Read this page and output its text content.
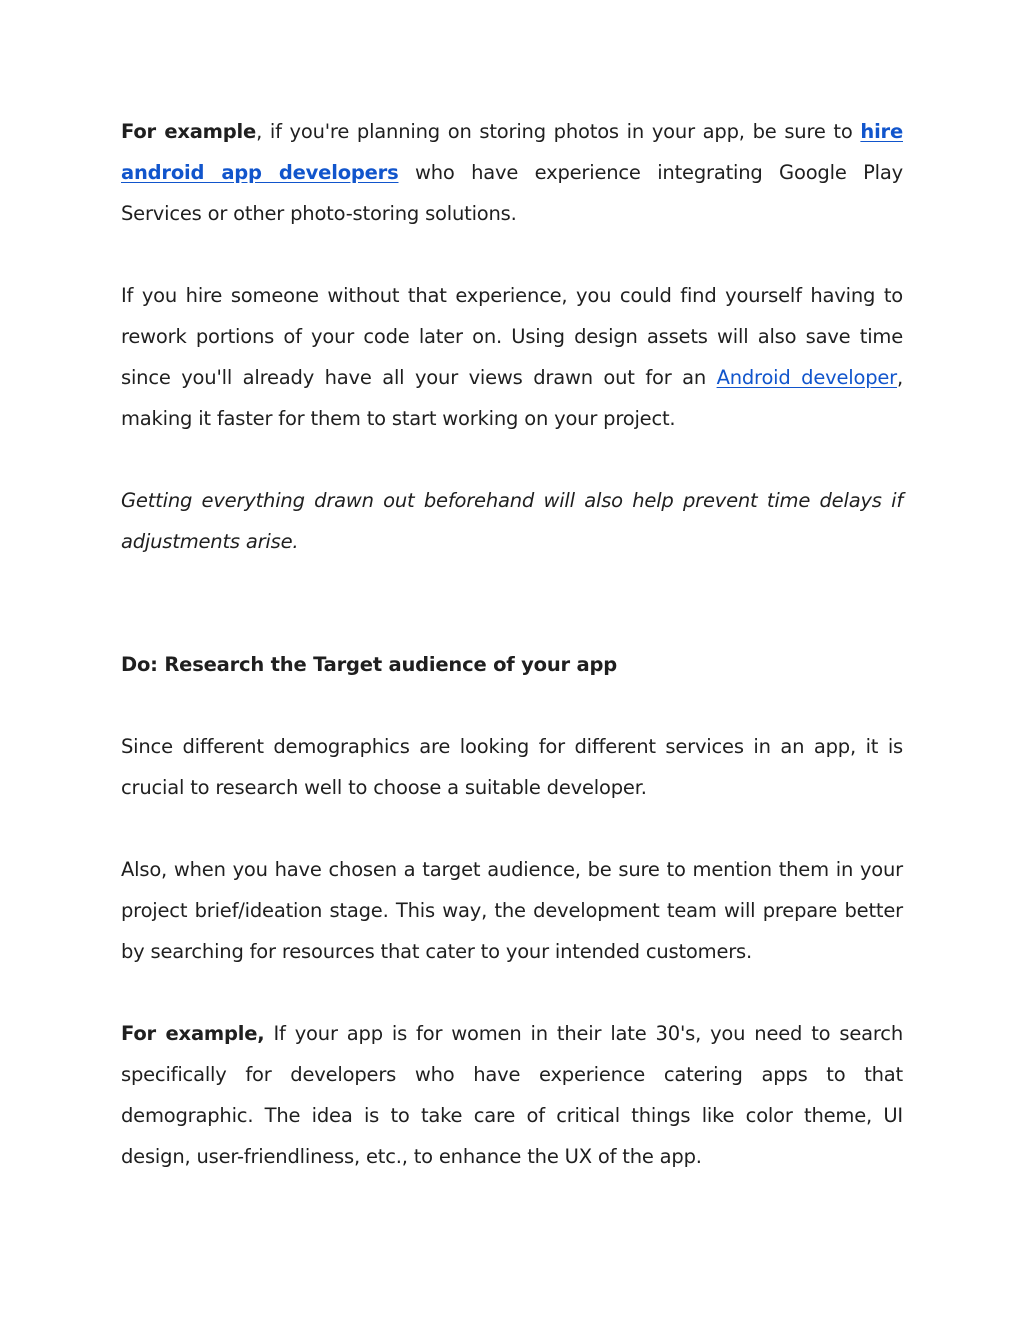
For example, if you're planning on storing photos in your app, be sure to hire android app developers who have experience integrating Google Play Services or other photo-storing solutions.

If you hire someone without that experience, you could find yourself having to rework portions of your code later on. Using design assets will also save time since you'll already have all your views drawn out for an Android developer, making it faster for them to start working on your project.

Getting everything drawn out beforehand will also help prevent time delays if adjustments arise.

Do: Research the Target audience of your app

Since different demographics are looking for different services in an app, it is crucial to research well to choose a suitable developer.

Also, when you have chosen a target audience, be sure to mention them in your project brief/ideation stage. This way, the development team will prepare better by searching for resources that cater to your intended customers.

For example, If your app is for women in their late 30's, you need to search specifically for developers who have experience catering apps to that demographic. The idea is to take care of critical things like color theme, UI design, user-friendliness, etc., to enhance the UX of the app.
